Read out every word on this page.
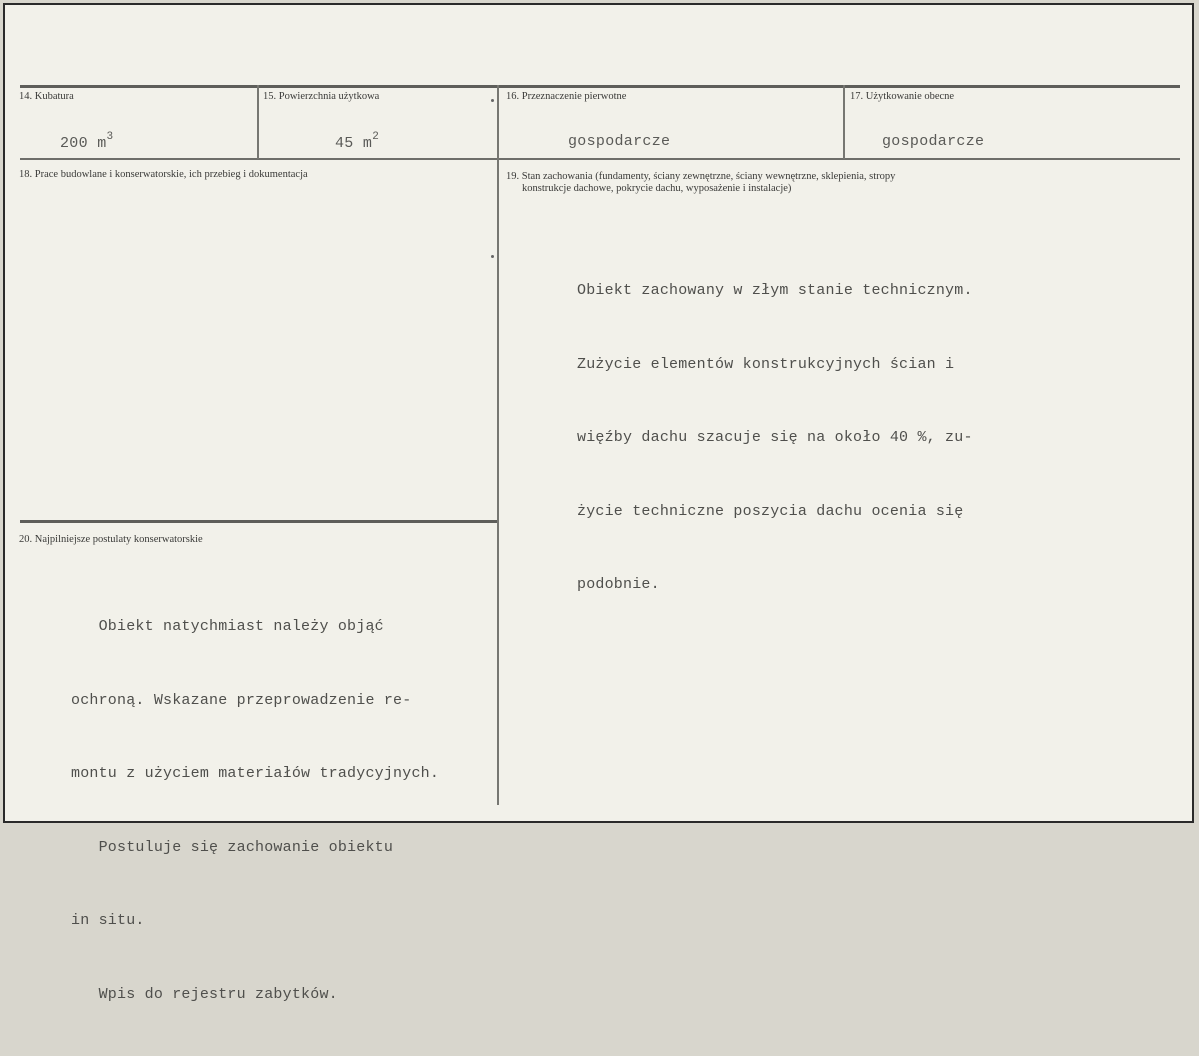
14. Kubatura
200 $m^3$
15. Powierzchnia użytkowa
45 $m^2$
16. Przeznaczenie pierwotne
gospodarcze
17. Użytkowanie obecne
gospodarcze
18. Prace budowlane i konserwatorskie, ich przebieg i dokumentacja	19. Stan zachowania (fundamenty, ściany zewnętrzne, ściany wewnętrzne, sklepienia, stropy
konstrukcje dachowe, pokrycie dachu, wyposażenie i instalacje)

Obiekt zachowany w złym stanie technicznym.

Zużycie elementów konstrukcyjnych ścian i

więźby dachu szacuje się na około 40 %, zu-

życie techniczne poszycia dachu ocenia się

podobnie.

20. Najpilniejsze postulaty konserwatorskie

Obiekt natychmiast należy objąć

ochroną. Wskazane przeprowadzenie re-

montu z użyciem materiałów tradycyjnych.

Postuluje się zachowanie obiektu

in situ.

Wpis do rejestru zabytków.
